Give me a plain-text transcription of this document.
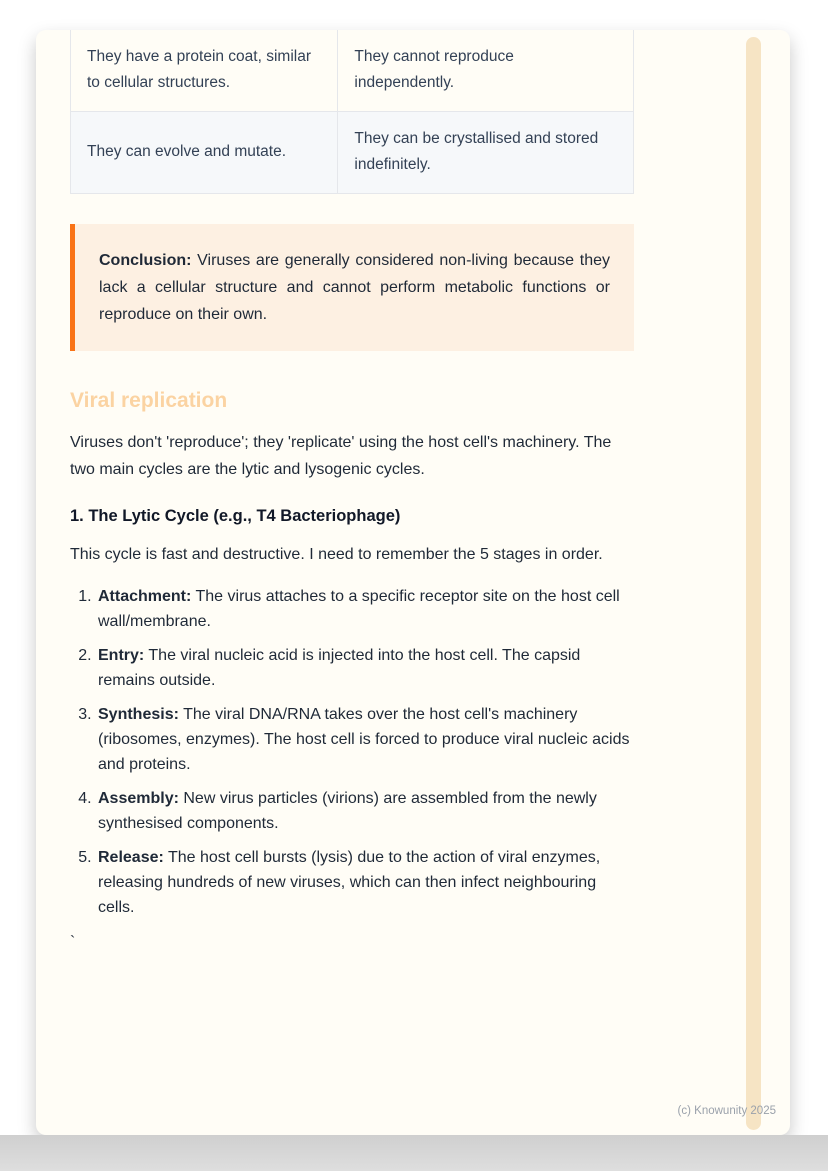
They have a protein coat, similar to cellular structures.	They cannot reproduce independently.
They can evolve and mutate.	They can be crystallised and stored indefinitely.
Conclusion: Viruses are generally considered non-living because they lack a cellular structure and cannot perform metabolic functions or reproduce on their own.
Viral replication

Viruses don't 'reproduce'; they 'replicate' using the host cell's machinery. The two main cycles are the lytic and lysogenic cycles.

1. The Lytic Cycle (e.g., T4 Bacteriophage)

This cycle is fast and destructive. I need to remember the 5 stages in order.

1. Attachment: The virus attaches to a specific receptor site on the host cell wall/membrane.
2. Entry: The viral nucleic acid is injected into the host cell. The capsid remains outside.
3. Synthesis: The viral DNA/RNA takes over the host cell's machinery (ribosomes, enzymes). The host cell is forced to produce viral nucleic acids and proteins.
4. Assembly: New virus particles (virions) are assembled from the newly synthesised components.
5. Release: The host cell bursts (lysis) due to the action of viral enzymes, releasing hundreds of new viruses, which can then infect neighbouring cells.
`
(c) Knowunity 2025
